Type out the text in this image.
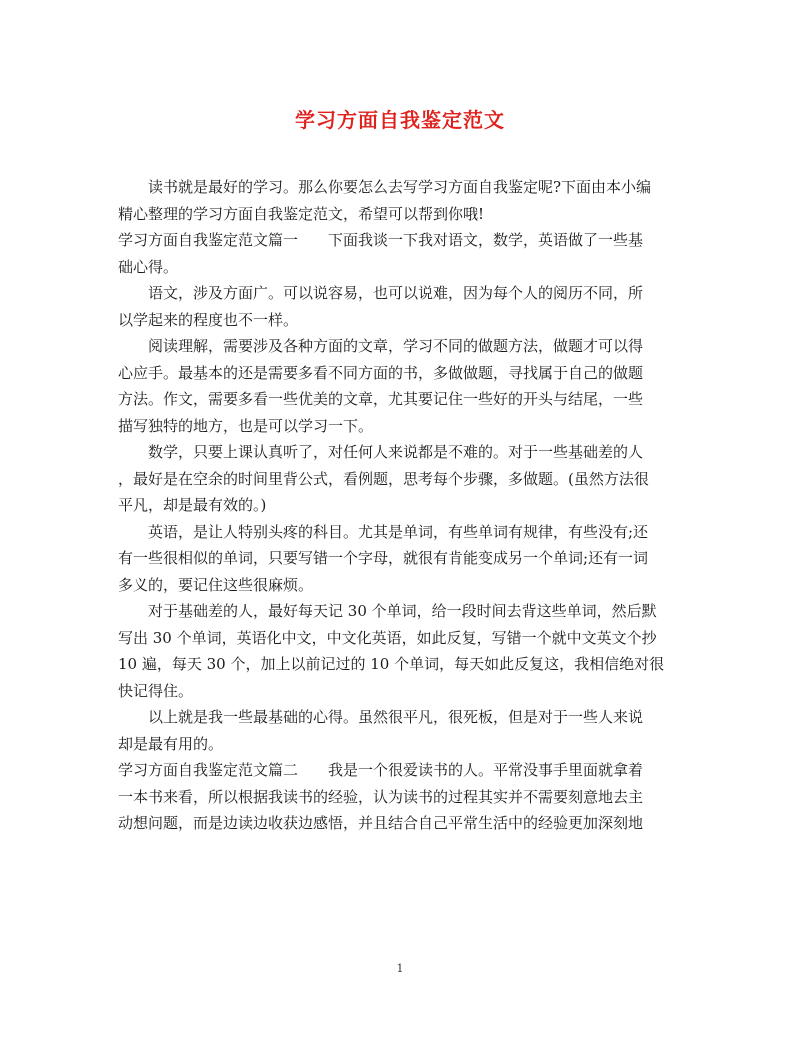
学习方面自我鉴定范文
读书就是最好的学习。那么你要怎么去写学习方面自我鉴定呢?下面由本小编
精心整理的学习方面自我鉴定范文，希望可以帮到你哦!
学习方面自我鉴定范文篇一　　下面我谈一下我对语文，数学，英语做了一些基
础心得。
语文，涉及方面广。可以说容易，也可以说难，因为每个人的阅历不同，所
以学起来的程度也不一样。
阅读理解，需要涉及各种方面的文章，学习不同的做题方法，做题才可以得
心应手。最基本的还是需要多看不同方面的书，多做做题，寻找属于自己的做题
方法。作文，需要多看一些优美的文章，尤其要记住一些好的开头与结尾，一些
描写独特的地方，也是可以学习一下。
数学，只要上课认真听了，对任何人来说都是不难的。对于一些基础差的人
，最好是在空余的时间里背公式，看例题，思考每个步骤，多做题。(虽然方法很
平凡，却是最有效的。)
英语，是让人特别头疼的科目。尤其是单词，有些单词有规律，有些没有;还
有一些很相似的单词，只要写错一个字母，就很有肯能变成另一个单词;还有一词
多义的，要记住这些很麻烦。
对于基础差的人，最好每天记 30 个单词，给一段时间去背这些单词，然后默
写出 30 个单词，英语化中文，中文化英语，如此反复，写错一个就中文英文个抄
10 遍，每天 30 个，加上以前记过的 10 个单词，每天如此反复这，我相信绝对很
快记得住。
以上就是我一些最基础的心得。虽然很平凡，很死板，但是对于一些人来说
却是最有用的。
学习方面自我鉴定范文篇二　　我是一个很爱读书的人。平常没事手里面就拿着
一本书来看，所以根据我读书的经验，认为读书的过程其实并不需要刻意地去主
动想问题，而是边读边收获边感悟，并且结合自己平常生活中的经验更加深刻地
1
